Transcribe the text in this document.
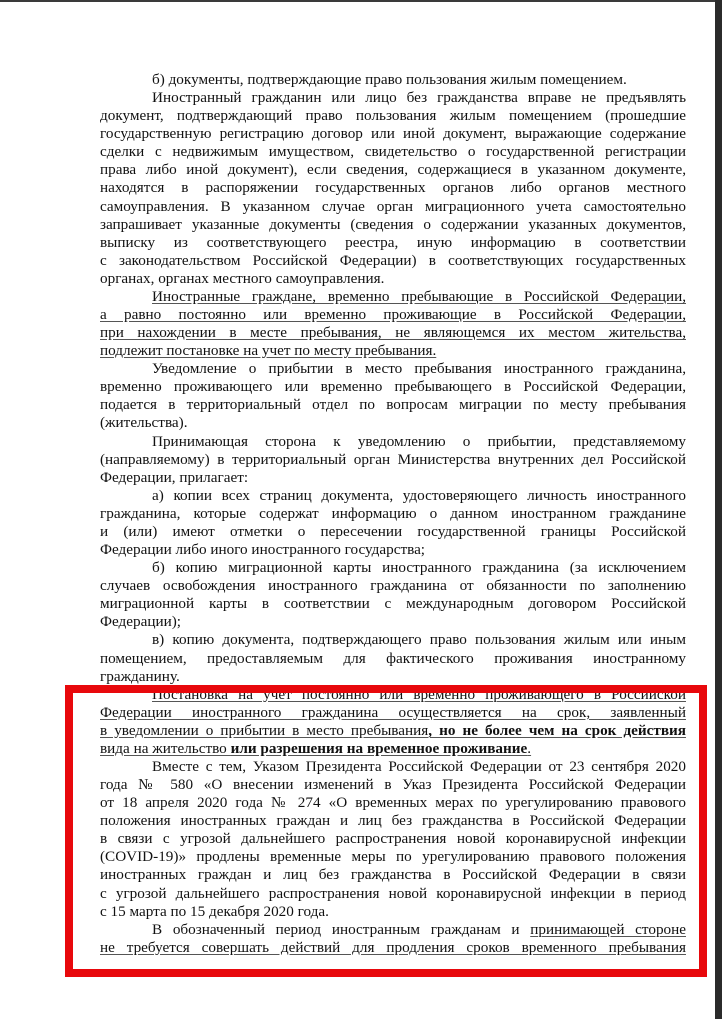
б) документы, подтверждающие право пользования жилым помещением.
Иностранный гражданин или лицо без гражданства вправе не предъявлять
документ, подтверждающий право пользования жилым помещением (прошедшие
государственную регистрацию договор или иной документ, выражающие содержание
сделки с недвижимым имуществом, свидетельство о государственной регистрации
права либо иной документ), если сведения, содержащиеся в указанном документе,
находятся в распоряжении государственных органов либо органов местного
самоуправления. В указанном случае орган миграционного учета самостоятельно
запрашивает указанные документы (сведения о содержании указанных документов,
выписку из соответствующего реестра, иную информацию в соответствии
с законодательством Российской Федерации) в соответствующих государственных
органах, органах местного самоуправления.
Иностранные граждане, временно пребывающие в Российской Федерации,
а равно постоянно или временно проживающие в Российской Федерации,
при нахождении в месте пребывания, не являющемся их местом жительства,
подлежит постановке на учет по месту пребывания.
Уведомление о прибытии в место пребывания иностранного гражданина,
временно проживающего или временно пребывающего в Российской Федерации,
подается в территориальный отдел по вопросам миграции по месту пребывания
(жительства).
Принимающая сторона к уведомлению о прибытии, представляемому
(направляемому) в территориальный орган Министерства внутренних дел Российской
Федерации, прилагает:
а) копии всех страниц документа, удостоверяющего личность иностранного
гражданина, которые содержат информацию о данном иностранном гражданине
и (или) имеют отметки о пересечении государственной границы Российской
Федерации либо иного иностранного государства;
б) копию миграционной карты иностранного гражданина (за исключением
случаев освобождения иностранного гражданина от обязанности по заполнению
миграционной карты в соответствии с международным договором Российской
Федерации);
в) копию документа, подтверждающего право пользования жилым или иным
помещением, предоставляемым для фактического проживания иностранному
гражданину.
Постановка на учет постоянно или временно проживающего в Российской
Федерации иностранного гражданина осуществляется на срок, заявленный
в уведомлении о прибытии в место пребывания, но не более чем на срок действия
вида на жительство или разрешения на временное проживание.
Вместе с тем, Указом Президента Российской Федерации от 23 сентября 2020
года № 580 «О внесении изменений в Указ Президента Российской Федерации
от 18 апреля 2020 года № 274 «О временных мерах по урегулированию правового
положения иностранных граждан и лиц без гражданства в Российской Федерации
в связи с угрозой дальнейшего распространения новой коронавирусной инфекции
(COVID-19)» продлены временные меры по урегулированию правового положения
иностранных граждан и лиц без гражданства в Российской Федерации в связи
с угрозой дальнейшего распространения новой коронавирусной инфекции в период
с 15 марта по 15 декабря 2020 года.
В обозначенный период иностранным гражданам и принимающей стороне
не требуется совершать действий для продления сроков временного пребывания
